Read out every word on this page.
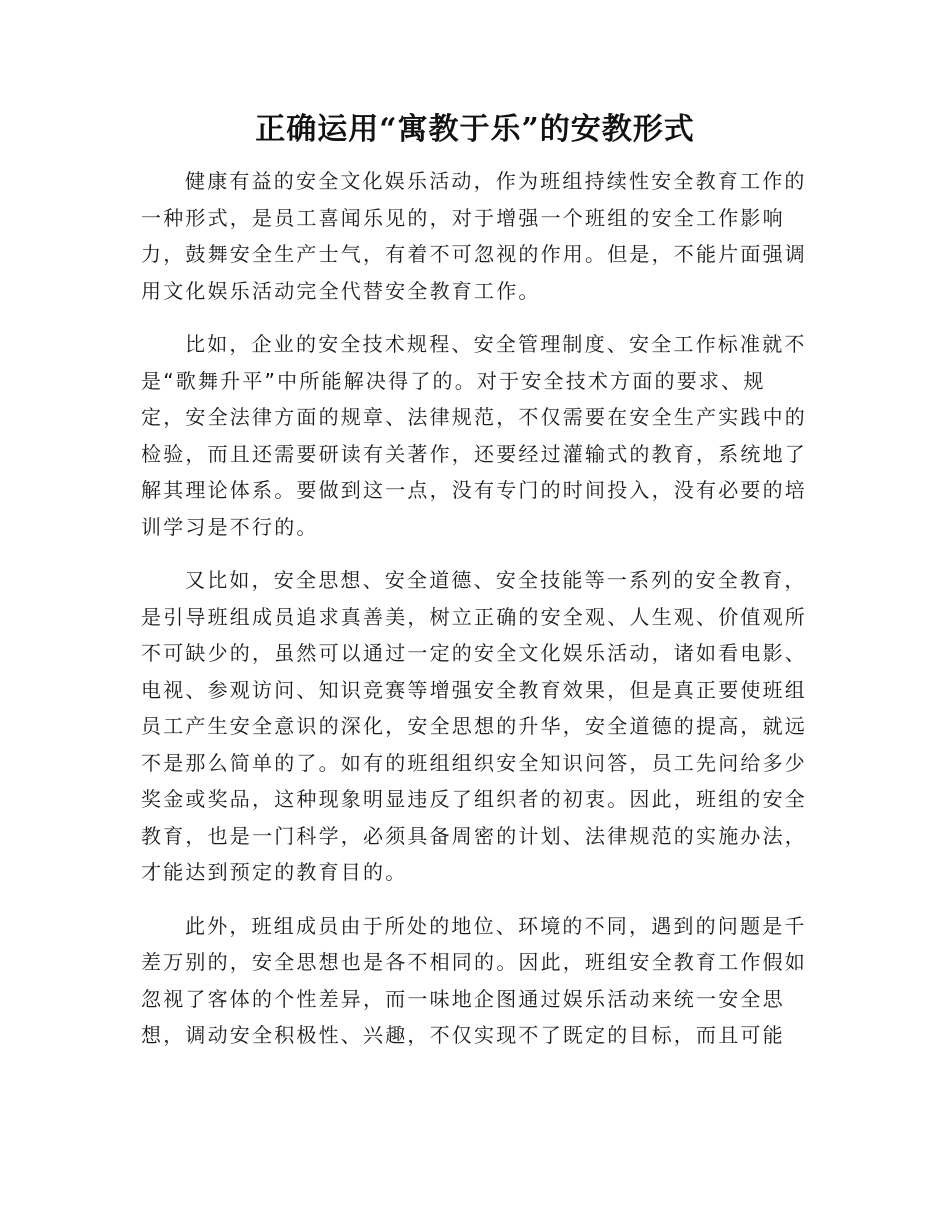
正确运用“寓教于乐”的安教形式
健康有益的安全文化娱乐活动，作为班组持续性安全教育工作的
一种形式，是员工喜闻乐见的，对于增强一个班组的安全工作影响
力，鼓舞安全生产士气，有着不可忽视的作用。但是，不能片面强调
用文化娱乐活动完全代替安全教育工作。
比如，企业的安全技术规程、安全管理制度、安全工作标准就不
是“歌舞升平”中所能解决得了的。对于安全技术方面的要求、规
定，安全法律方面的规章、法律规范，不仅需要在安全生产实践中的
检验，而且还需要研读有关著作，还要经过灌输式的教育，系统地了
解其理论体系。要做到这一点，没有专门的时间投入，没有必要的培
训学习是不行的。
又比如，安全思想、安全道德、安全技能等一系列的安全教育，
是引导班组成员追求真善美，树立正确的安全观、人生观、价值观所
不可缺少的，虽然可以通过一定的安全文化娱乐活动，诸如看电影、
电视、参观访问、知识竞赛等增强安全教育效果，但是真正要使班组
员工产生安全意识的深化，安全思想的升华，安全道德的提高，就远
不是那么简单的了。如有的班组组织安全知识问答，员工先问给多少
奖金或奖品，这种现象明显违反了组织者的初衷。因此，班组的安全
教育，也是一门科学，必须具备周密的计划、法律规范的实施办法，
才能达到预定的教育目的。
此外，班组成员由于所处的地位、环境的不同，遇到的问题是千
差万别的，安全思想也是各不相同的。因此，班组安全教育工作假如
忽视了客体的个性差异，而一味地企图通过娱乐活动来统一安全思
想，调动安全积极性、兴趣，不仅实现不了既定的目标，而且可能
